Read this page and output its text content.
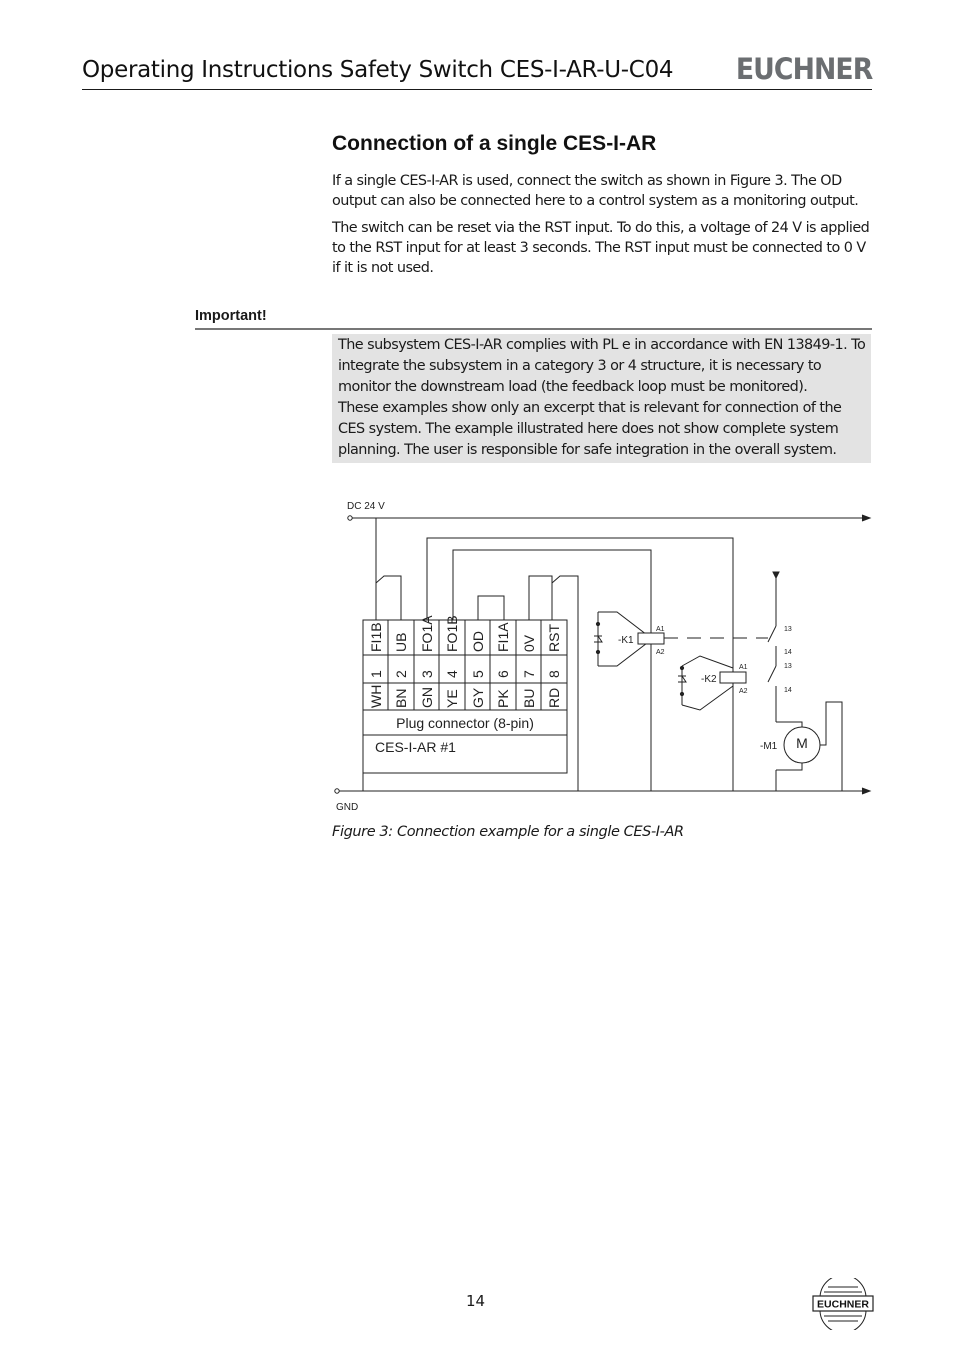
Operating Instructions Safety Switch CES-I-AR-U-C04 EUCHNER
Connection of a single CES-I-AR

If a single CES-I-AR is used, connect the switch as shown in Figure 3. The OD output can also be connected here to a control system as a monitoring output.

The switch can be reset via the RST input. To do this, a voltage of 24 V is applied to the RST input for at least 3 seconds. The RST input must be connected to 0 V if it is not used.

Important!

The subsystem CES-I-AR complies with PL e in accordance with EN 13849-1. To integrate the subsystem in a category 3 or 4 structure, it is necessary to monitor the downstream load (the feedback loop must be monitored).
These examples show only an excerpt that is relevant for connection of the CES system. The example illustrated here does not show complete system planning. The user is responsible for safe integration in the overall system.

DC 24 V
GND
Plug connector (8-pin)
CES-I-AR #1
FI1B UB FO1A FO1B OD FI1A 0V RST
1 2 3 4 5 6 7 8
WH BN GN YE GY PK BU RD
-K1
A1
A2
-K2
A1
A2
13
14
13
14
-M1 M
Figure 3: Connection example for a single CES-I-AR
14	EUCHNER
